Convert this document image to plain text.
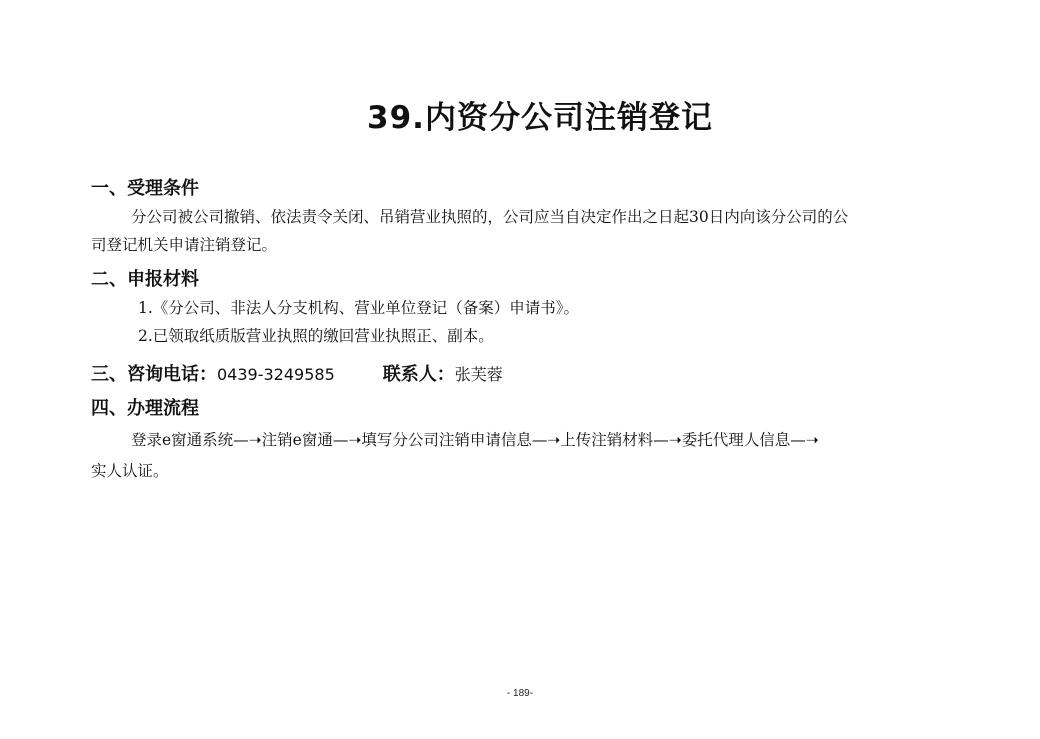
39.内资分公司注销登记
一、受理条件
分公司被公司撤销、依法责令关闭、吊销营业执照的，公司应当自决定作出之日起30日内向该分公司的公
司登记机关申请注销登记。
二、申报材料
1.《分公司、非法人分支机构、营业单位登记（备案）申请书》。
2.已领取纸质版营业执照的缴回营业执照正、副本。
三、咨询电话：0439-3249585	联系人：张芙蓉
四、办理流程
登录e窗通系统—➝注销e窗通—➝填写分公司注销申请信息—➝上传注销材料—➝委托代理人信息—➝
实人认证。
- 189-
